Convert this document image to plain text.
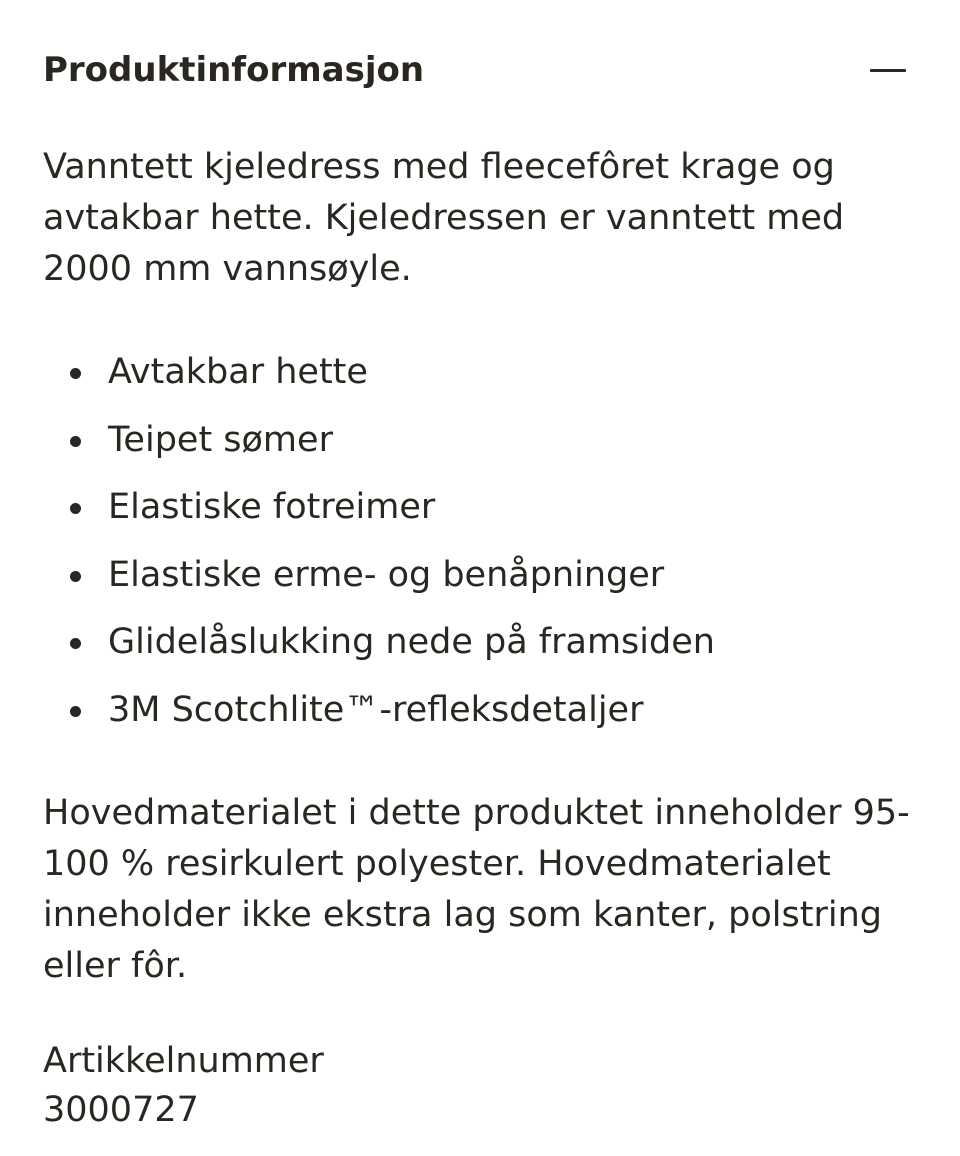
Produktinformasjon

Vanntett kjeledress med fleecefôret krage og avtakbar hette. Kjeledressen er vanntett med 2000 mm vannsøyle.

Avtakbar hette
Teipet sømer
Elastiske fotreimer
Elastiske erme- og benåpninger
Glidelåslukking nede på framsiden
3M Scotchlite™-refleksdetaljer

Hovedmaterialet i dette produktet inneholder 95-100 % resirkulert polyester. Hovedmaterialet inneholder ikke ekstra lag som kanter, polstring eller fôr.

Artikkelnummer
3000727
